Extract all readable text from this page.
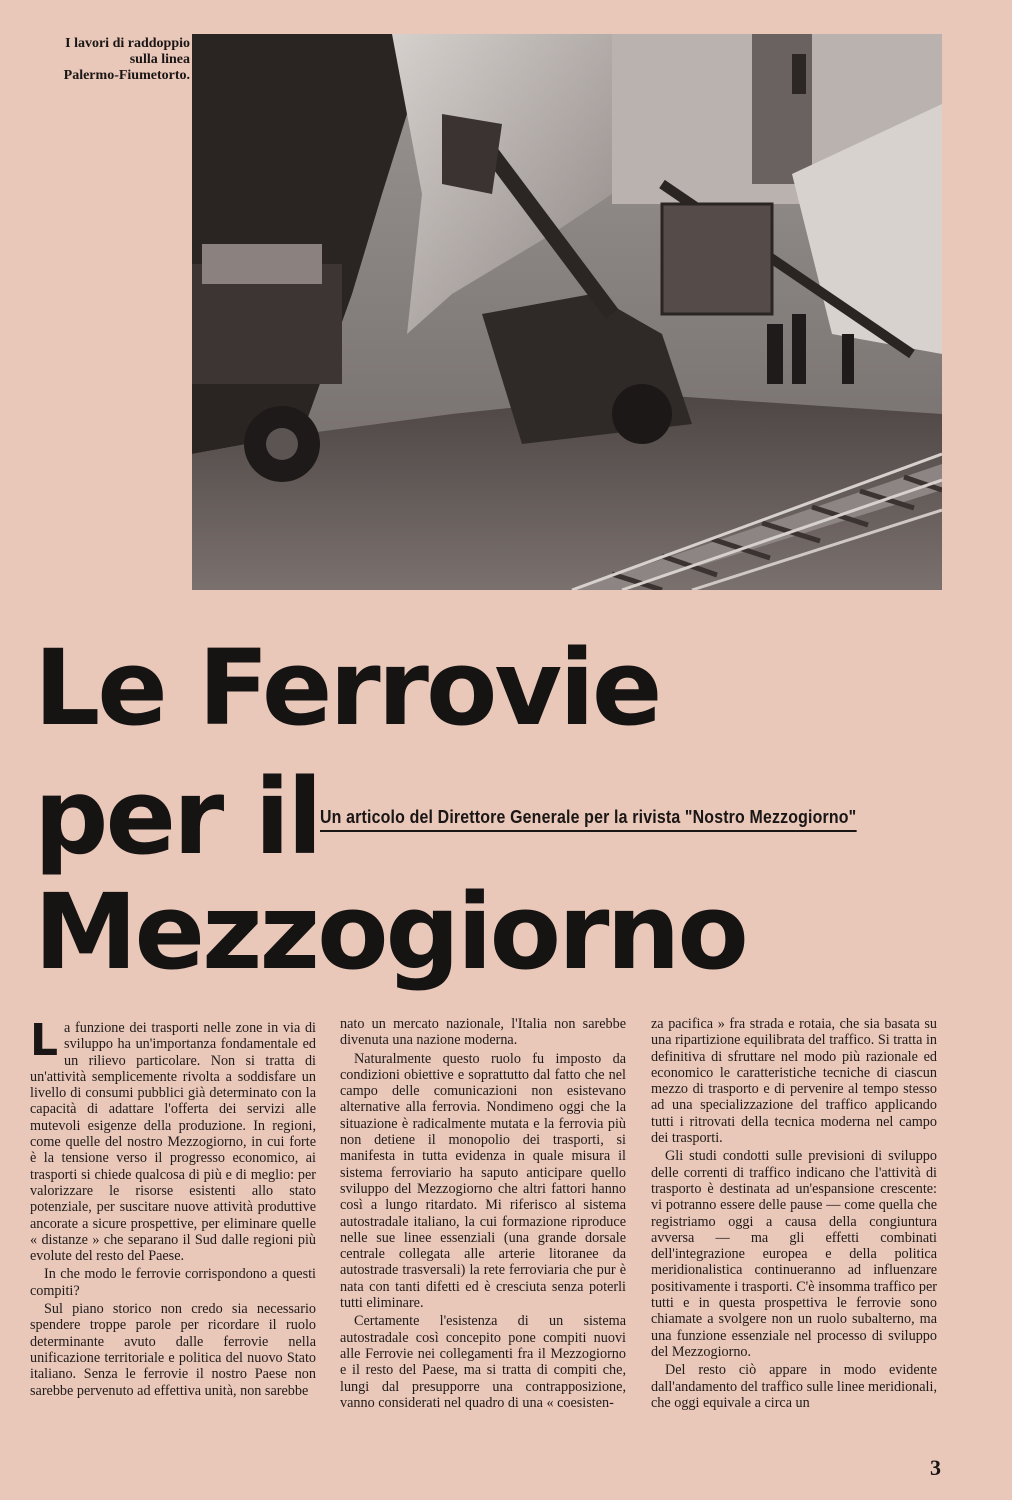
I lavori di raddoppio
sulla linea
Palermo-Fiumetorto.
Le Ferrovie
per il
Mezzogiorno
Un articolo del Direttore Generale per la rivista "Nostro Mezzogiorno"

La funzione dei trasporti nelle zone in via di sviluppo ha un'importanza fondamentale ed un rilievo particolare. Non si tratta di un'attività semplicemente rivolta a soddisfare un livello di consumi pubblici già determinato con la capacità di adattare l'offerta dei servizi alle mutevoli esigenze della produzione. In regioni, come quelle del nostro Mezzogiorno, in cui forte è la tensione verso il progresso economico, ai trasporti si chiede qualcosa di più e di meglio: per valorizzare le risorse esistenti allo stato potenziale, per suscitare nuove attività produttive ancorate a sicure prospettive, per eliminare quelle « distanze » che separano il Sud dalle regioni più evolute del resto del Paese.

In che modo le ferrovie corrispondono a questi compiti?

Sul piano storico non credo sia necessario spendere troppe parole per ricordare il ruolo determinante avuto dalle ferrovie nella unificazione territoriale e politica del nuovo Stato italiano. Senza le ferrovie il nostro Paese non sarebbe pervenuto ad effettiva unità, non sarebbe

nato un mercato nazionale, l'Italia non sarebbe divenuta una nazione moderna.

Naturalmente questo ruolo fu imposto da condizioni obiettive e soprattutto dal fatto che nel campo delle comunicazioni non esistevano alternative alla ferrovia. Nondimeno oggi che la situazione è radicalmente mutata e la ferrovia più non detiene il monopolio dei trasporti, si manifesta in tutta evidenza in quale misura il sistema ferroviario ha saputo anticipare quello sviluppo del Mezzogiorno che altri fattori hanno così a lungo ritardato. Mi riferisco al sistema autostradale italiano, la cui formazione riproduce nelle sue linee essenziali (una grande dorsale centrale collegata alle arterie litoranee da autostrade trasversali) la rete ferroviaria che pur è nata con tanti difetti ed è cresciuta senza poterli tutti eliminare.

Certamente l'esistenza di un sistema autostradale così concepito pone compiti nuovi alle Ferrovie nei collegamenti fra il Mezzogiorno e il resto del Paese, ma si tratta di compiti che, lungi dal presupporre una contrapposizione, vanno considerati nel quadro di una « coesisten-

za pacifica » fra strada e rotaia, che sia basata su una ripartizione equilibrata del traffico. Si tratta in definitiva di sfruttare nel modo più razionale ed economico le caratteristiche tecniche di ciascun mezzo di trasporto e di pervenire al tempo stesso ad una specializzazione del traffico applicando tutti i ritrovati della tecnica moderna nel campo dei trasporti.

Gli studi condotti sulle previsioni di sviluppo delle correnti di traffico indicano che l'attività di trasporto è destinata ad un'espansione crescente: vi potranno essere delle pause — come quella che registriamo oggi a causa della congiuntura avversa — ma gli effetti combinati dell'integrazione europea e della politica meridionalistica continueranno ad influenzare positivamente i trasporti. C'è insomma traffico per tutti e in questa prospettiva le ferrovie sono chiamate a svolgere non un ruolo subalterno, ma una funzione essenziale nel processo di sviluppo del Mezzogiorno.

Del resto ciò appare in modo evidente dall'andamento del traffico sulle linee meridionali, che oggi equivale a circa un

3
